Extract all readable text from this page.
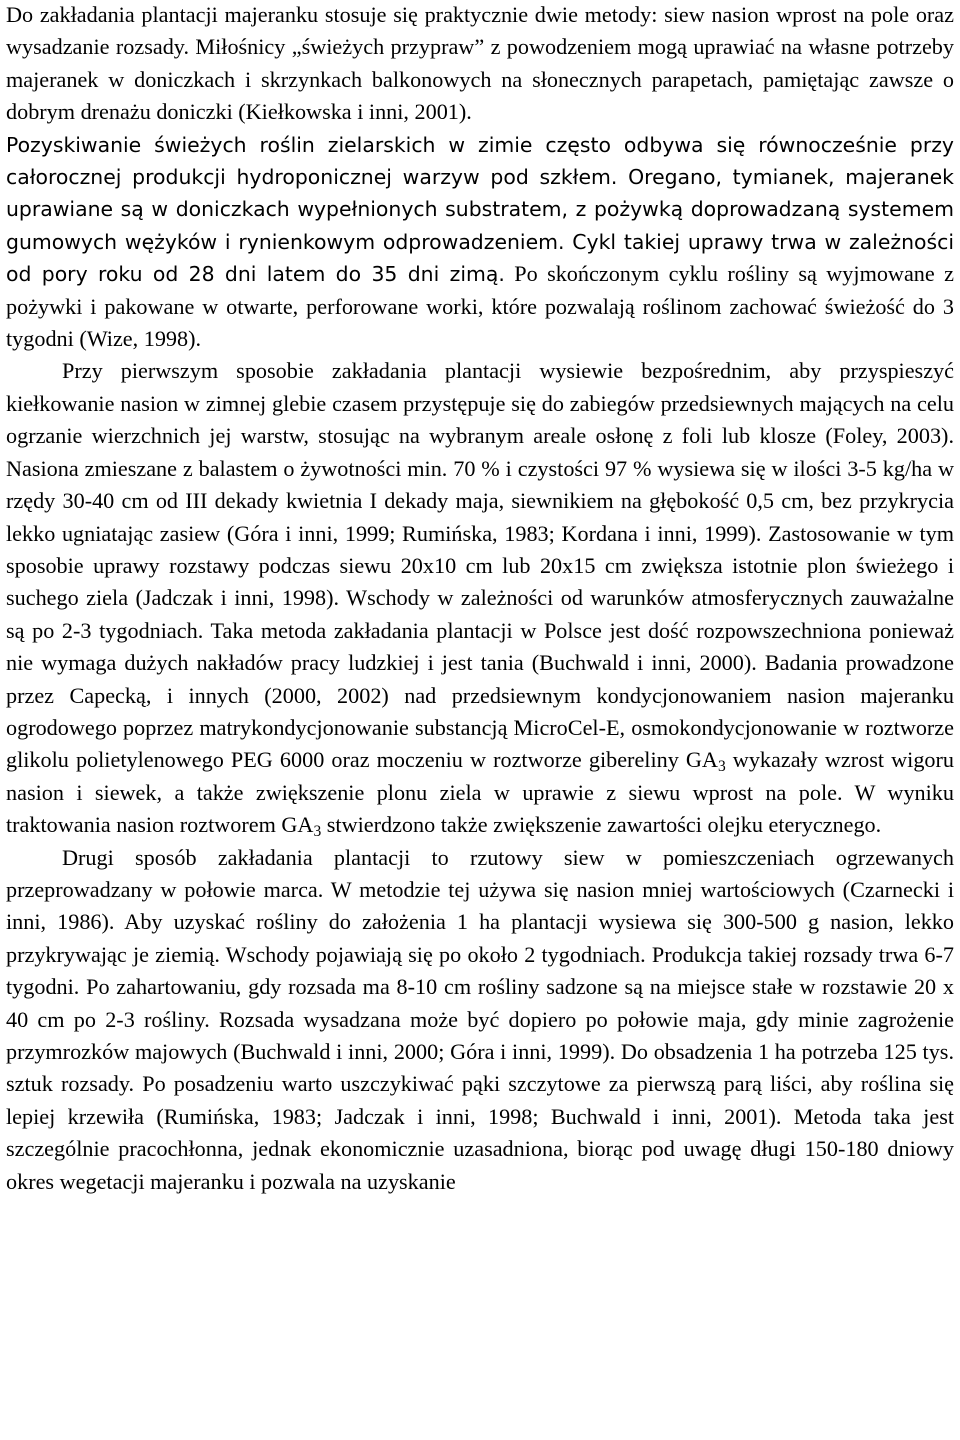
Do zakładania plantacji majeranku stosuje się praktycznie dwie metody: siew nasion wprost na pole oraz wysadzanie rozsady. Miłośnicy „świeżych przypraw” z powodzeniem mogą uprawiać na własne potrzeby majeranek w doniczkach i skrzynkach balkonowych na słonecznych parapetach, pamiętając zawsze o dobrym drenażu doniczki (Kiełkowska i inni, 2001).
Pozyskiwanie świeżych roślin zielarskich w zimie często odbywa się równocześnie przy całorocznej produkcji hydroponicznej warzyw pod szkłem. Oregano, tymianek, majeranek uprawiane są w doniczkach wypełnionych substratem, z pożywką doprowadzaną systemem gumowych wężyków i rynienkowym odprowadzeniem. Cykl takiej uprawy trwa w zależności od pory roku od 28 dni latem do 35 dni zimą. Po skończonym cyklu rośliny są wyjmowane z pożywki i pakowane w otwarte, perforowane worki, które pozwalają roślinom zachować świeżość do 3 tygodni (Wize, 1998).

Przy pierwszym sposobie zakładania plantacji wysiewie bezpośrednim, aby przyspieszyć kiełkowanie nasion w zimnej glebie czasem przystępuje się do zabiegów przedsiewnych mających na celu ogrzanie wierzchnich jej warstw, stosując na wybranym areale osłonę z foli lub klosze (Foley, 2003). Nasiona zmieszane z balastem o żywotności min. 70 % i czystości 97 % wysiewa się w ilości 3-5 kg/ha w rzędy 30-40 cm od III dekady kwietnia I dekady maja, siewnikiem na głębokość 0,5 cm, bez przykrycia lekko ugniatając zasiew (Góra i inni, 1999; Rumińska, 1983; Kordana i inni, 1999). Zastosowanie w tym sposobie uprawy rozstawy podczas siewu 20x10 cm lub 20x15 cm zwiększa istotnie plon świeżego i suchego ziela (Jadczak i inni, 1998). Wschody w zależności od warunków atmosferycznych zauważalne są po 2-3 tygodniach. Taka metoda zakładania plantacji w Polsce jest dość rozpowszechniona ponieważ nie wymaga dużych nakładów pracy ludzkiej i jest tania (Buchwald i inni, 2000). Badania prowadzone przez Capecką, i innych (2000, 2002) nad przedsiewnym kondycjonowaniem nasion majeranku ogrodowego poprzez matrykondycjonowanie substancją MicroCel-E, osmokondycjonowanie w roztworze glikolu polietylenowego PEG 6000 oraz moczeniu w roztworze gibereliny $GA_3$ wykazały wzrost wigoru nasion i siewek, a także zwiększenie plonu ziela w uprawie z siewu wprost na pole. W wyniku traktowania nasion roztworem $GA_3$ stwierdzono także zwiększenie zawartości olejku eterycznego.

Drugi sposób zakładania plantacji to rzutowy siew w pomieszczeniach ogrzewanych przeprowadzany w połowie marca. W metodzie tej używa się nasion mniej wartościowych (Czarnecki i inni, 1986). Aby uzyskać rośliny do założenia 1 ha plantacji wysiewa się 300-500 g nasion, lekko przykrywając je ziemią. Wschody pojawiają się po około 2 tygodniach. Produkcja takiej rozsady trwa 6-7 tygodni. Po zahartowaniu, gdy rozsada ma 8-10 cm rośliny sadzone są na miejsce stałe w rozstawie 20 x 40 cm po 2-3 rośliny. Rozsada wysadzana może być dopiero po połowie maja, gdy minie zagrożenie przymrozków majowych (Buchwald i inni, 2000; Góra i inni, 1999). Do obsadzenia 1 ha potrzeba 125 tys. sztuk rozsady. Po posadzeniu warto uszczykiwać pąki szczytowe za pierwszą parą liści, aby roślina się lepiej krzewiła (Rumińska, 1983; Jadczak i inni, 1998; Buchwald i inni, 2001). Metoda taka jest szczególnie pracochłonna, jednak ekonomicznie uzasadniona, biorąc pod uwagę długi 150-180 dniowy okres wegetacji majeranku i pozwala na uzyskanie
